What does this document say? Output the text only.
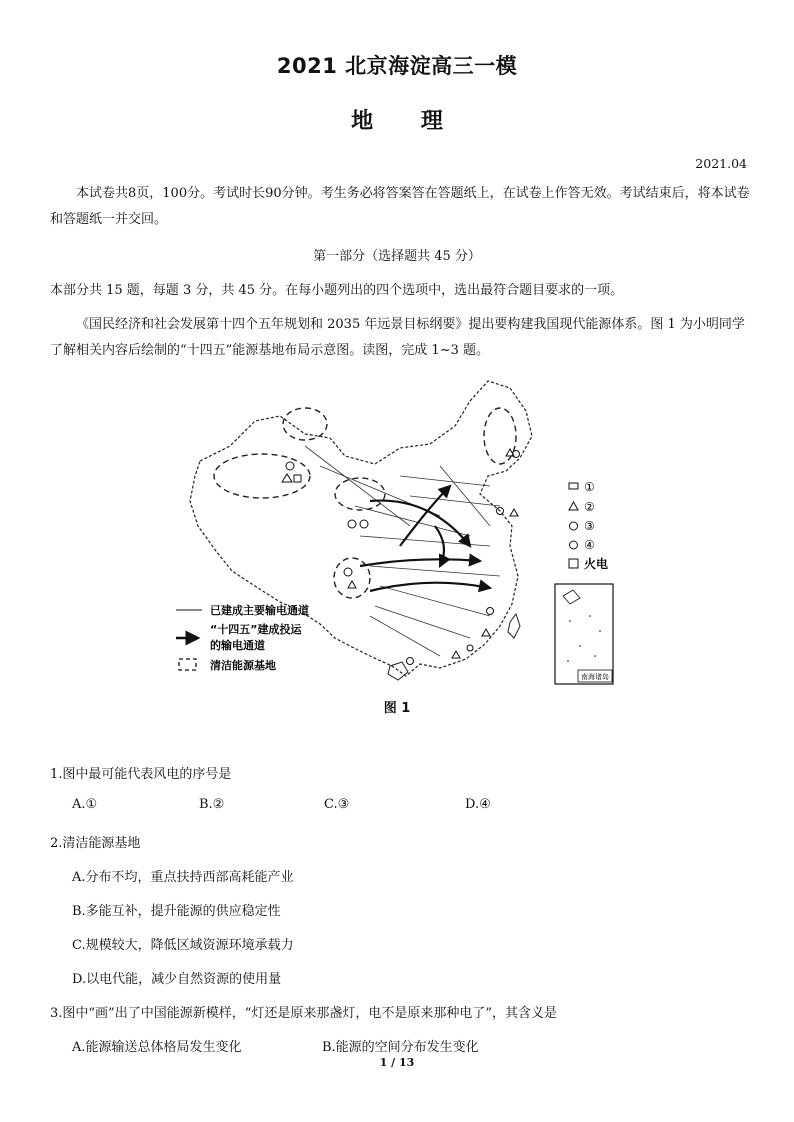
2021 北京海淀高三一模
地 理
2021.04
本试卷共8页，100分。考试时长90分钟。考生务必将答案答在答题纸上，在试卷上作答无效。考试结束后，将本试卷和答题纸一并交回。
第一部分（选择题共 45 分）
本部分共 15 题，每题 3 分，共 45 分。在每小题列出的四个选项中，选出最符合题目要求的一项。
《国民经济和社会发展第十四个五年规划和 2035 年远景目标纲要》提出要构建我国现代能源体系。图 1 为小明同学了解相关内容后绘制的“十四五”能源基地布局示意图。读图，完成 1~3 题。
①
②
③
④
火电
南海诸岛
已建成主要输电通道
“十四五”建成投运
的输电通道
清洁能源基地
图 1
1.图中最可能代表风电的序号是
A.①	B.②	C.③	D.④
2.清洁能源基地
A.分布不均，重点扶持西部高耗能产业
B.多能互补，提升能源的供应稳定性
C.规模较大，降低区域资源环境承载力
D.以电代能，减少自然资源的使用量
3.图中“画”出了中国能源新模样，“灯还是原来那盏灯，电不是原来那种电了”，其含义是
A.能源输送总体格局发生变化	B.能源的空间分布发生变化
1 / 13
